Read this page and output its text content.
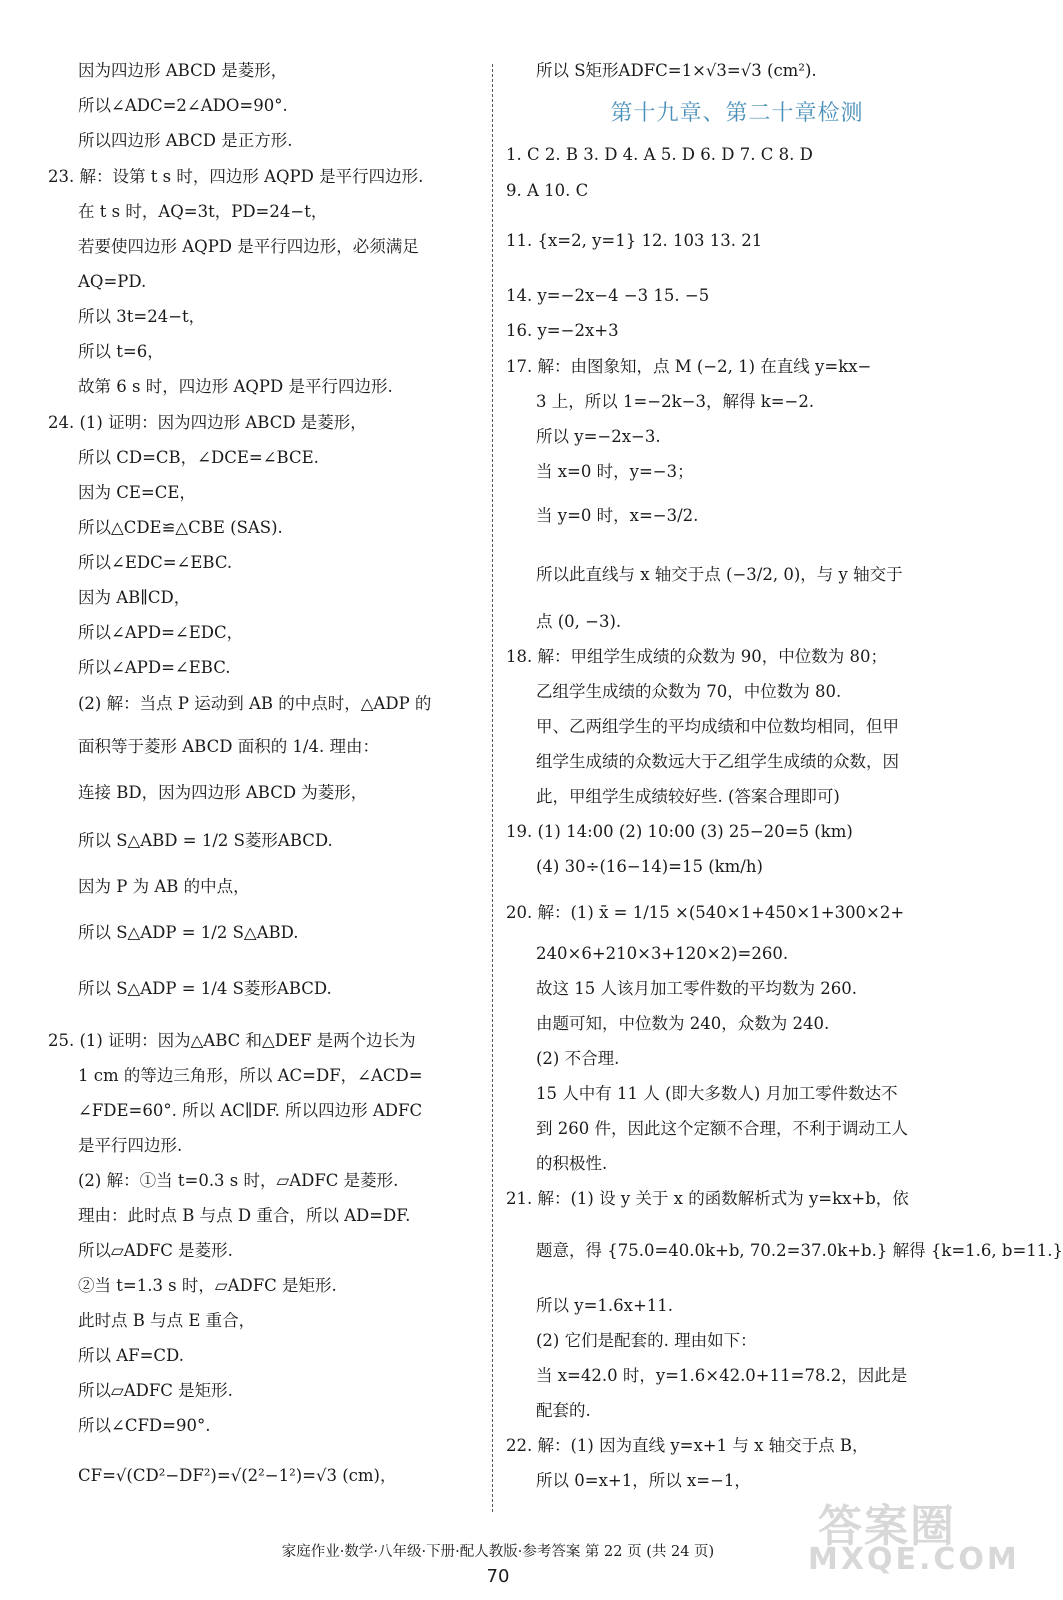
因为四边形 ABCD 是菱形，
所以∠ADC=2∠ADO=90°.
所以四边形 ABCD 是正方形.
23. 解：设第 t s 时，四边形 AQPD 是平行四边形.
在 t s 时，AQ=3t，PD=24−t，
若要使四边形 AQPD 是平行四边形，必须满足
AQ=PD.
所以 3t=24−t，
所以 t=6，
故第 6 s 时，四边形 AQPD 是平行四边形.
24. (1) 证明：因为四边形 ABCD 是菱形，
所以 CD=CB，∠DCE=∠BCE.
因为 CE=CE，
所以△CDE≌△CBE (SAS).
所以∠EDC=∠EBC.
因为 AB∥CD，
所以∠APD=∠EDC，
所以∠APD=∠EBC.
(2) 解：当点 P 运动到 AB 的中点时，△ADP 的
面积等于菱形 ABCD 面积的 1/4. 理由：
连接 BD，因为四边形 ABCD 为菱形，
所以 S△ABD = 1/2 S菱形ABCD.
因为 P 为 AB 的中点，
所以 S△ADP = 1/2 S△ABD.
所以 S△ADP = 1/4 S菱形ABCD.
25. (1) 证明：因为△ABC 和△DEF 是两个边长为
1 cm 的等边三角形，所以 AC=DF，∠ACD=
∠FDE=60°. 所以 AC∥DF. 所以四边形 ADFC
是平行四边形.
(2) 解：①当 t=0.3 s 时，▱ADFC 是菱形.
理由：此时点 B 与点 D 重合，所以 AD=DF.
所以▱ADFC 是菱形.
②当 t=1.3 s 时，▱ADFC 是矩形.
此时点 B 与点 E 重合，
所以 AF=CD.
所以▱ADFC 是矩形.
所以∠CFD=90°.
CF=√(CD²−DF²)=√(2²−1²)=√3 (cm)，
所以 S矩形ADFC=1×√3=√3 (cm²).
第十九章、第二十章检测
1. C 2. B 3. D 4. A 5. D 6. D 7. C 8. D
9. A 10. C
11. {x=2, y=1} 12. 103 13. 21
14. y=−2x−4 −3 15. −5
16. y=−2x+3
17. 解：由图象知，点 M (−2, 1) 在直线 y=kx−
3 上，所以 1=−2k−3，解得 k=−2.
所以 y=−2x−3.
当 x=0 时，y=−3；
当 y=0 时，x=−3/2.
所以此直线与 x 轴交于点 (−3/2, 0)，与 y 轴交于
点 (0, −3).
18. 解：甲组学生成绩的众数为 90，中位数为 80；
乙组学生成绩的众数为 70，中位数为 80.
甲、乙两组学生的平均成绩和中位数均相同，但甲
组学生成绩的众数远大于乙组学生成绩的众数，因
此，甲组学生成绩较好些. (答案合理即可)
19. (1) 14:00 (2) 10:00 (3) 25−20=5 (km)
(4) 30÷(16−14)=15 (km/h)
20. 解：(1) x̄ = 1/15 ×(540×1+450×1+300×2+
240×6+210×3+120×2)=260.
故这 15 人该月加工零件数的平均数为 260.
由题可知，中位数为 240，众数为 240.
(2) 不合理.
15 人中有 11 人 (即大多数人) 月加工零件数达不
到 260 件，因此这个定额不合理，不利于调动工人
的积极性.
21. 解：(1) 设 y 关于 x 的函数解析式为 y=kx+b，依
题意，得 {75.0=40.0k+b, 70.2=37.0k+b.} 解得 {k=1.6, b=11.}
所以 y=1.6x+11.
(2) 它们是配套的. 理由如下：
当 x=42.0 时，y=1.6×42.0+11=78.2，因此是
配套的.
22. 解：(1) 因为直线 y=x+1 与 x 轴交于点 B，
所以 0=x+1，所以 x=−1，
家庭作业·数学·八年级·下册·配人教版·参考答案 第 22 页 (共 24 页)
70
答案圈
MXQE.COM
